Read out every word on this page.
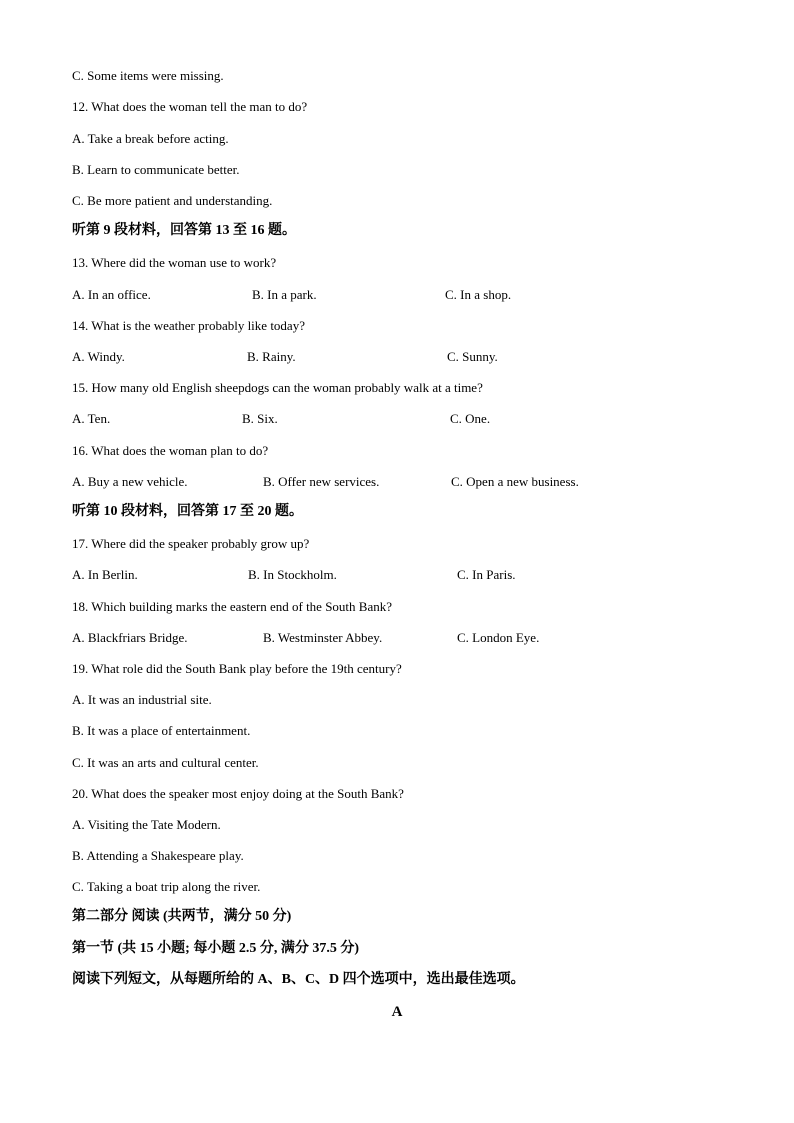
C. Some items were missing.
12. What does the woman tell the man to do?
A. Take a break before acting.
B. Learn to communicate better.
C. Be more patient and understanding.
听第 9 段材料，回答第 13 至 16 题。
13. Where did the woman use to work?
A. In an office.	B. In a park.	C. In a shop.
14. What is the weather probably like today?
A. Windy.	B. Rainy.	C. Sunny.
15. How many old English sheepdogs can the woman probably walk at a time?
A. Ten.	B. Six.	C. One.
16. What does the woman plan to do?
A. Buy a new vehicle.	B. Offer new services.	C. Open a new business.
听第 10 段材料，回答第 17 至 20 题。
17. Where did the speaker probably grow up?
A. In Berlin.	B. In Stockholm.	C. In Paris.
18. Which building marks the eastern end of the South Bank?
A. Blackfriars Bridge.	B. Westminster Abbey.	C. London Eye.
19. What role did the South Bank play before the 19th century?
A. It was an industrial site.
B. It was a place of entertainment.
C. It was an arts and cultural center.
20. What does the speaker most enjoy doing at the South Bank?
A. Visiting the Tate Modern.
B. Attending a Shakespeare play.
C. Taking a boat trip along the river.
第二部分 阅读 (共两节，满分 50 分)
第一节 (共 15 小题; 每小题 2.5 分, 满分 37.5 分)
阅读下列短文，从每题所给的 A、B、C、D 四个选项中，选出最佳选项。
A
